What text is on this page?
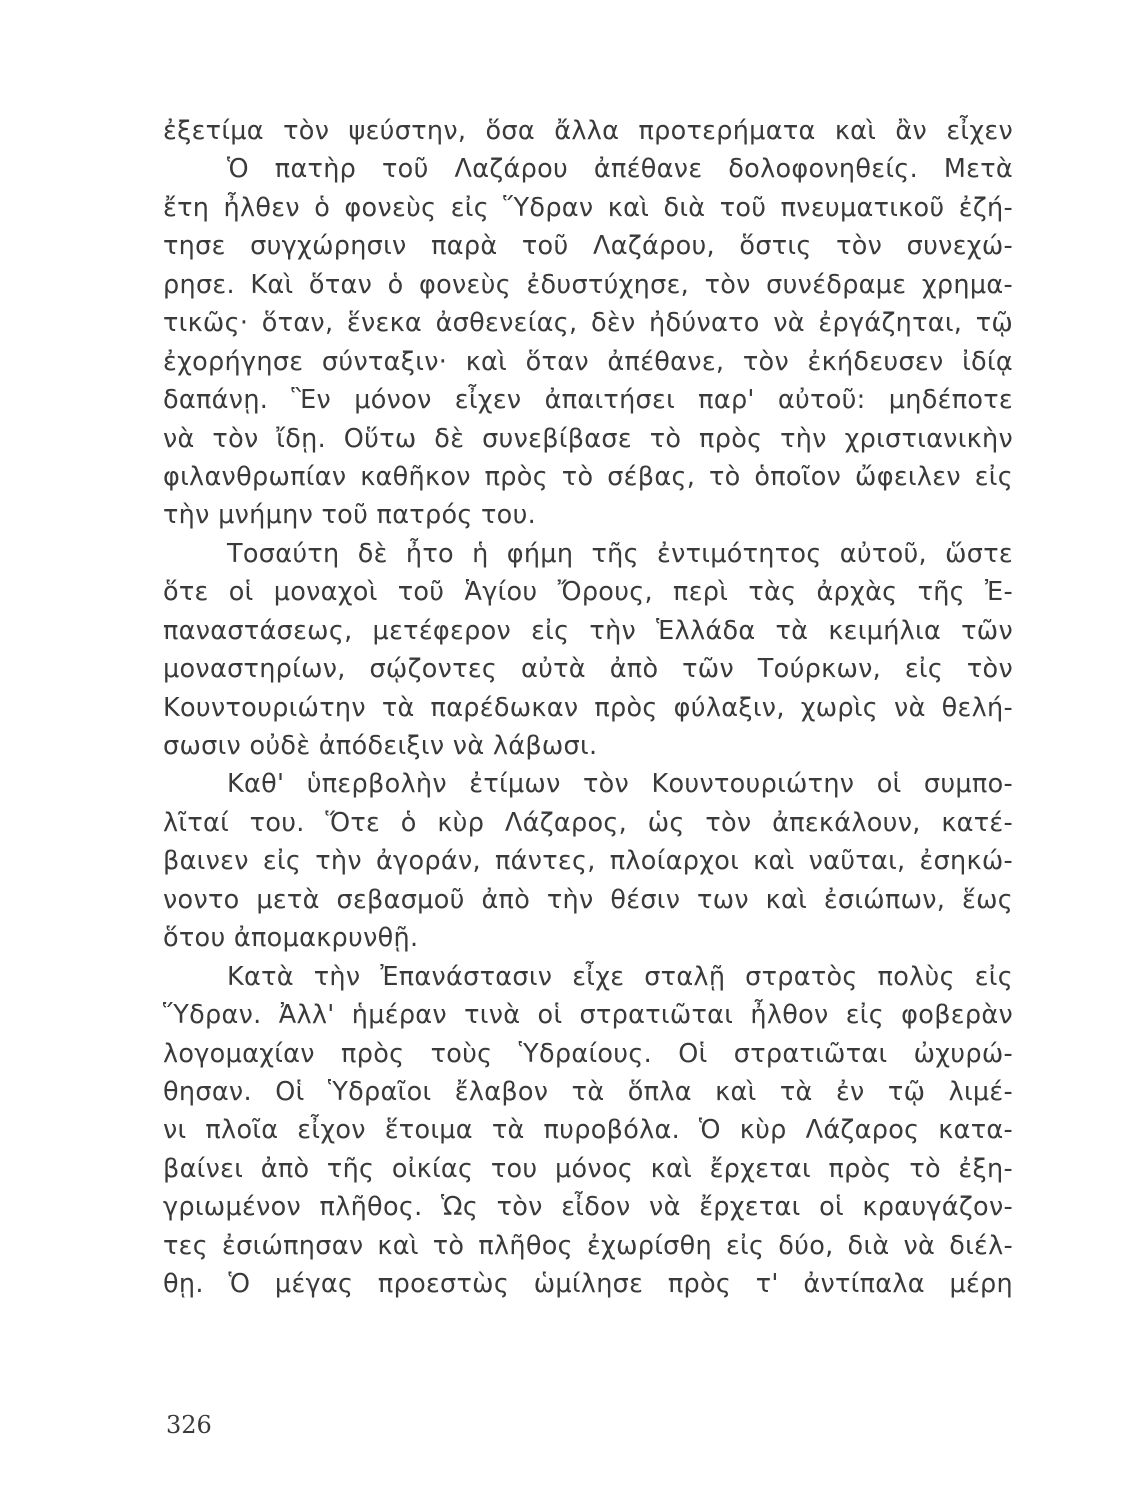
ἐξετίμα τὸν ψεύστην, ὅσα ἄλλα προτερήματα καὶ ἂν εἶχεν
Ὁ πατὴρ τοῦ Λαζάρου ἀπέθανε δολοφονηθείς. Μετὰ
ἔτη ἦλθεν ὁ φονεὺς εἰς Ὕδραν καὶ διὰ τοῦ πνευματικοῦ ἐζή-
τησε συγχώρησιν παρὰ τοῦ Λαζάρου, ὅστις τὸν συνεχώ-
ρησε. Καὶ ὅταν ὁ φονεὺς ἐδυστύχησε, τὸν συνέδραμε χρημα-
τικῶς· ὅταν, ἕνεκα ἀσθενείας, δὲν ἠδύνατο νὰ ἐργάζηται, τῷ
ἐχορήγησε σύνταξιν· καὶ ὅταν ἀπέθανε, τὸν ἐκήδευσεν ἰδίᾳ
δαπάνῃ. Ἓν μόνον εἶχεν ἀπαιτήσει παρ' αὐτοῦ: μηδέποτε
νὰ τὸν ἴδῃ. Οὕτω δὲ συνεβίβασε τὸ πρὸς τὴν χριστιανικὴν
φιλανθρωπίαν καθῆκον πρὸς τὸ σέβας, τὸ ὁποῖον ὤφειλεν εἰς
τὴν μνήμην τοῦ πατρός του.
Τοσαύτη δὲ ἦτο ἡ φήμη τῆς ἐντιμότητος αὐτοῦ, ὥστε
ὅτε οἱ μοναχοὶ τοῦ Ἁγίου Ὄρους, περὶ τὰς ἀρχὰς τῆς Ἐ-
παναστάσεως, μετέφερον εἰς τὴν Ἑλλάδα τὰ κειμήλια τῶν
μοναστηρίων, σῴζοντες αὐτὰ ἀπὸ τῶν Τούρκων, εἰς τὸν
Κουντουριώτην τὰ παρέδωκαν πρὸς φύλαξιν, χωρὶς νὰ θελή-
σωσιν οὐδὲ ἀπόδειξιν νὰ λάβωσι.
Καθ' ὑπερβολὴν ἐτίμων τὸν Κουντουριώτην οἱ συμπο-
λῖταί του. Ὅτε ὁ κὺρ Λάζαρος, ὡς τὸν ἀπεκάλουν, κατέ-
βαινεν εἰς τὴν ἀγοράν, πάντες, πλοίαρχοι καὶ ναῦται, ἐσηκώ-
νοντο μετὰ σεβασμοῦ ἀπὸ τὴν θέσιν των καὶ ἐσιώπων, ἕως
ὅτου ἀπομακρυνθῇ.
Κατὰ τὴν Ἐπανάστασιν εἶχε σταλῇ στρατὸς πολὺς εἰς
Ὕδραν. Ἀλλ' ἡμέραν τινὰ οἱ στρατιῶται ἦλθον εἰς φοβερὰν
λογομαχίαν πρὸς τοὺς Ὑδραίους. Οἱ στρατιῶται ὠχυρώ-
θησαν. Οἱ Ὑδραῖοι ἔλαβον τὰ ὅπλα καὶ τὰ ἐν τῷ λιμέ-
νι πλοῖα εἶχον ἕτοιμα τὰ πυροβόλα. Ὁ κὺρ Λάζαρος κατα-
βαίνει ἀπὸ τῆς οἰκίας του μόνος καὶ ἔρχεται πρὸς τὸ ἐξη-
γριωμένον πλῆθος. Ὡς τὸν εἶδον νὰ ἔρχεται οἱ κραυγάζον-
τες ἐσιώπησαν καὶ τὸ πλῆθος ἐχωρίσθη εἰς δύο, διὰ νὰ διέλ-
θῃ. Ὁ μέγας προεστὼς ὡμίλησε πρὸς τ' ἀντίπαλα μέρη
326
